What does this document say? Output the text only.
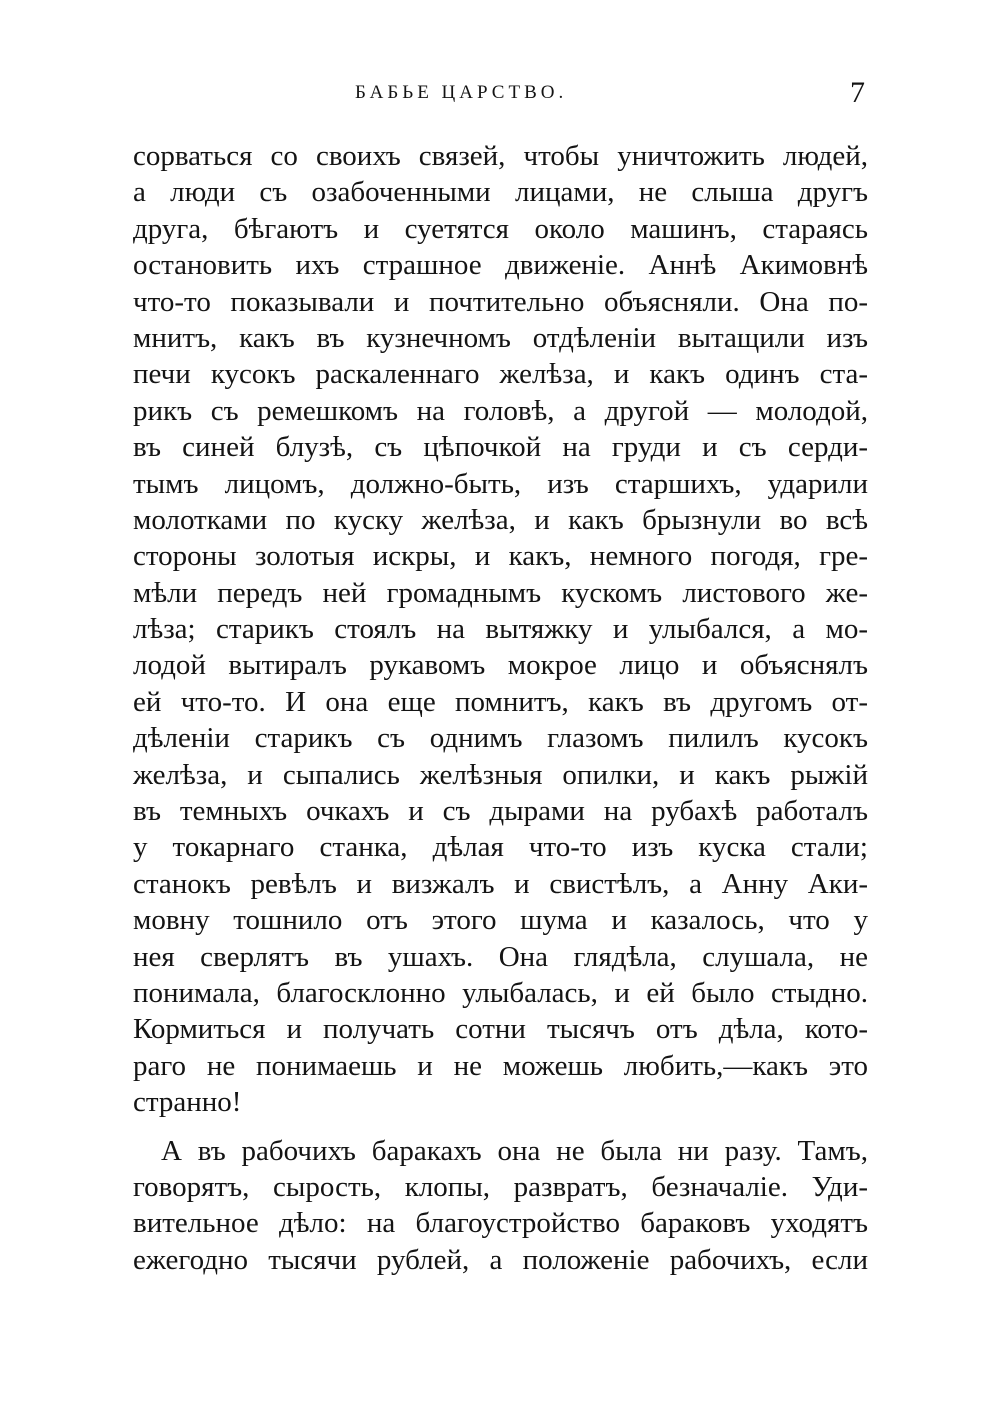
БАБЬЕ ЦАРСТВО.	7
сорваться со своихъ связей, чтобы уничтожить людей,
а люди съ озабоченными лицами, не слыша другъ
друга, бѣгаютъ и суетятся около машинъ, стараясь
остановить ихъ страшное движеніе. Аннѣ Акимовнѣ
что-то показывали и почтительно объясняли. Она по-
мнитъ, какъ въ кузнечномъ отдѣленіи вытащили изъ
печи кусокъ раскаленнаго желѣза, и какъ одинъ ста-
рикъ съ ремешкомъ на головѣ, а другой — молодой,
въ синей блузѣ, съ цѣпочкой на груди и съ серди-
тымъ лицомъ, должно-быть, изъ старшихъ, ударили
молотками по куску желѣза, и какъ брызнули во всѣ
стороны золотыя искры, и какъ, немного погодя, гре-
мѣли передъ ней громаднымъ кускомъ листового же-
лѣза; старикъ стоялъ на вытяжку и улыбался, а мо-
лодой вытиралъ рукавомъ мокрое лицо и объяснялъ
ей что-то. И она еще помнитъ, какъ въ другомъ от-
дѣленіи старикъ съ однимъ глазомъ пилилъ кусокъ
желѣза, и сыпались желѣзныя опилки, и какъ рыжій
въ темныхъ очкахъ и съ дырами на рубахѣ работалъ
у токарнаго станка, дѣлая что-то изъ куска стали;
станокъ ревѣлъ и визжалъ и свистѣлъ, а Анну Аки-
мовну тошнило отъ этого шума и казалось, что у
нея сверлятъ въ ушахъ. Она глядѣла, слушала, не
понимала, благосклонно улыбалась, и ей было стыдно.
Кормиться и получать сотни тысячъ отъ дѣла, кото-
раго не понимаешь и не можешь любить,—какъ это
странно!
А въ рабочихъ баракахъ она не была ни разу. Тамъ,
говорятъ, сырость, клопы, развратъ, безначаліе. Уди-
вительное дѣло: на благоустройство бараковъ уходятъ
ежегодно тысячи рублей, а положеніе рабочихъ, если
